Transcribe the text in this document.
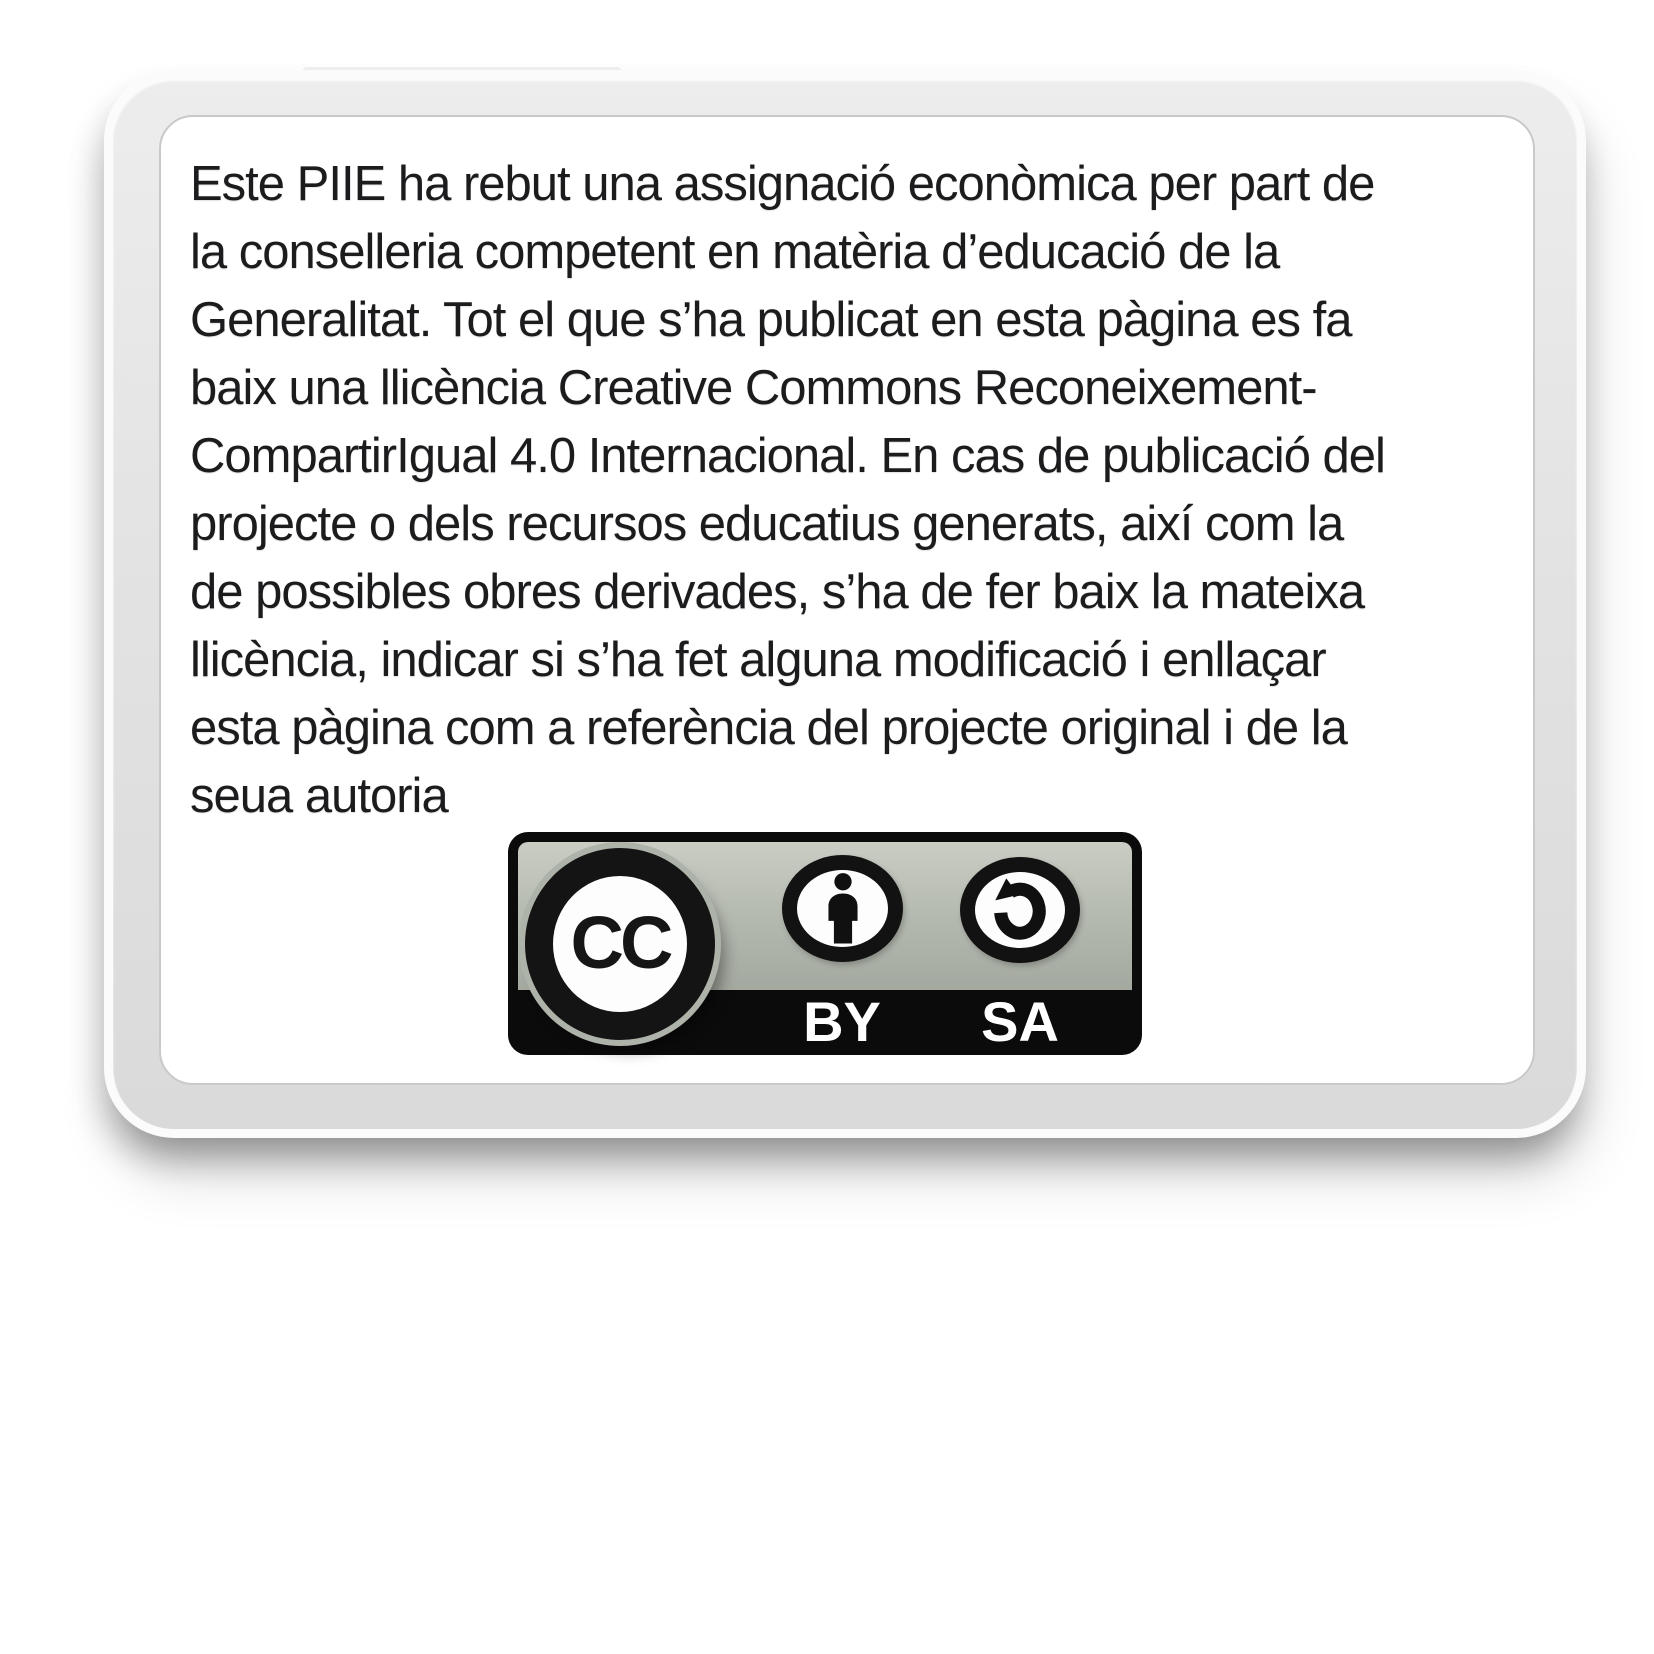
Este PIIE ha rebut una assignació econòmica per part de
la conselleria competent en matèria d’educació de la
Generalitat. Tot el que s’ha publicat en esta pàgina es fa
baix una llicència Creative Commons Reconeixement-
CompartirIgual 4.0 Internacional. En cas de publicació del
projecte o dels recursos educatius generats, així com la
de possibles obres derivades, s’ha de fer baix la mateixa
llicència, indicar si s’ha fet alguna modificació i enllaçar
esta pàgina com a referència del projecte original i de la
seua autoria
CC
BY SA
